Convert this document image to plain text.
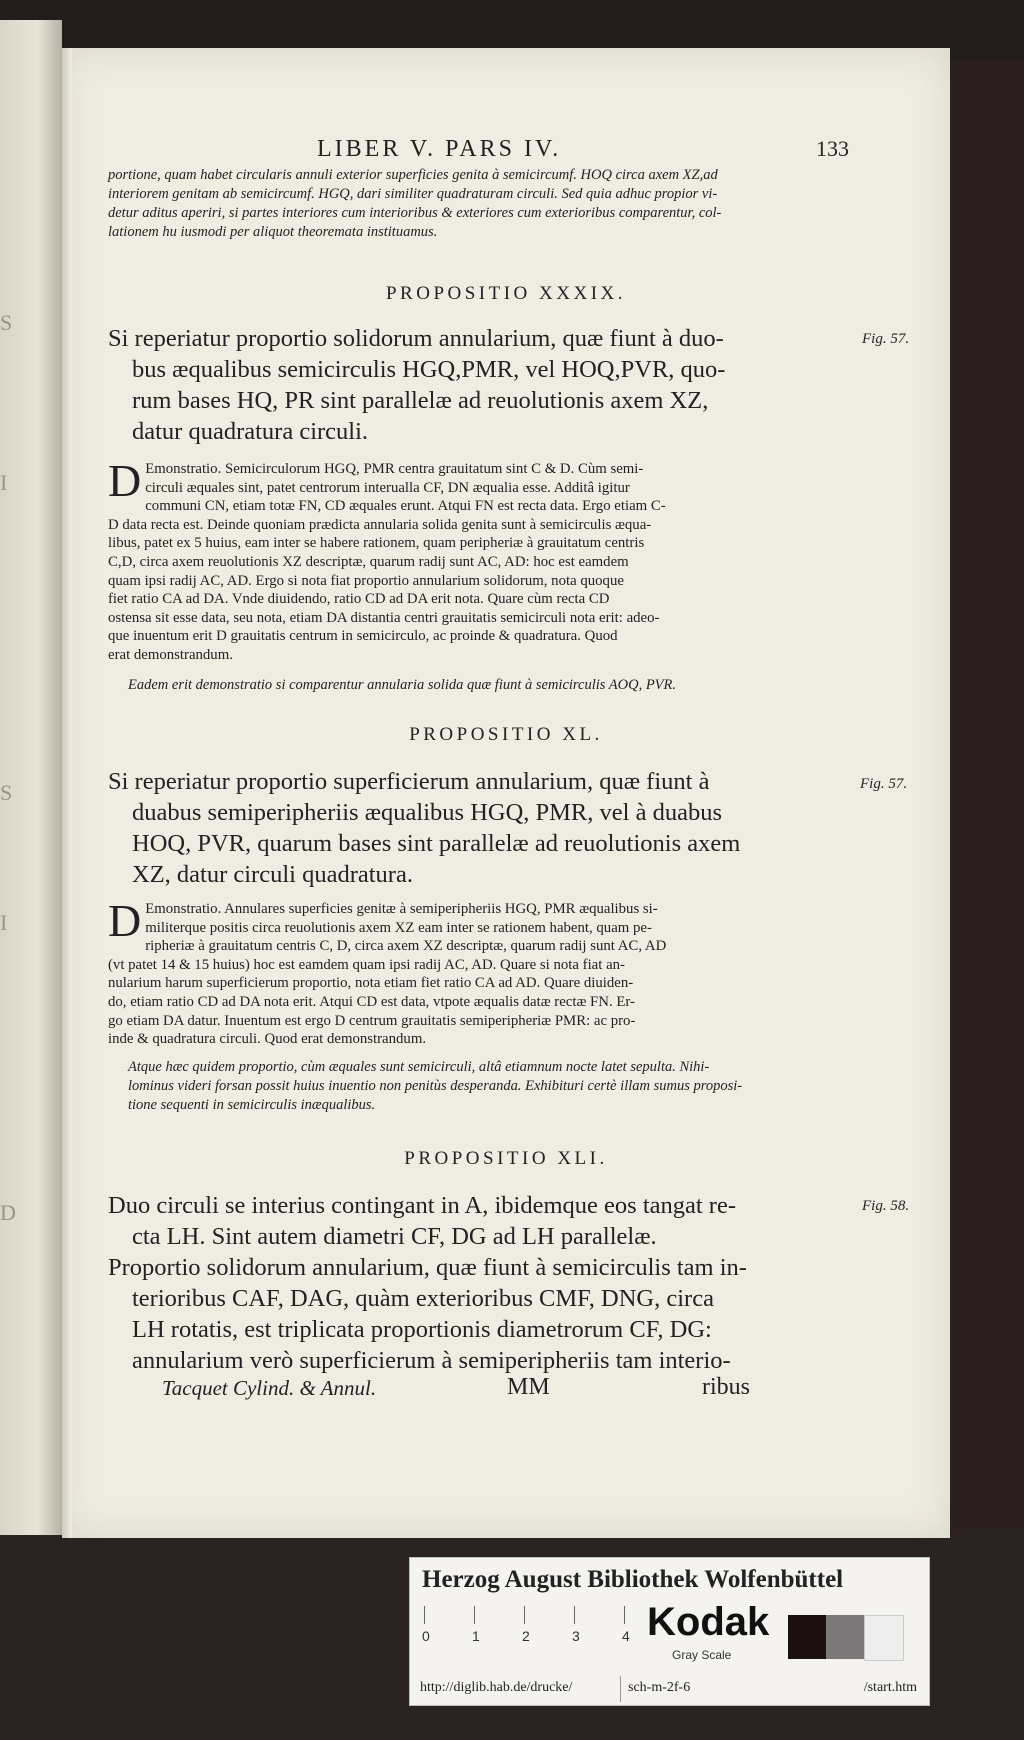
S
I
S
I
D
LIBER V. PARS IV.	133
portione, quam habet circularis annuli exterior superficies genita à semicircumf. HOQ circa axem XZ,ad
interiorem genitam ab semicircumf. HGQ, dari similiter quadraturam circuli. Sed quia adhuc propior vi-
detur aditus aperiri, si partes interiores cum interioribus & exteriores cum exterioribus comparentur, col-
lationem hu iusmodi per aliquot theoremata instituamus.
PROPOSITIO XXXIX.
Si reperiatur proportio solidorum annularium, quæ fiunt à duo-
bus æqualibus semicirculis HGQ,PMR, vel HOQ,PVR, quo-
rum bases HQ, PR sint parallelæ ad reuolutionis axem XZ,
datur quadratura circuli.
Fig. 57.
D Emonstratio. Semicirculorum HGQ, PMR centra grauitatum sint C & D. Cùm semi-
circuli æquales sint, patet centrorum interualla CF, DN æqualia esse. Additâ igitur
communi CN, etiam totæ FN, CD æquales erunt. Atqui FN est recta data. Ergo etiam C-
D data recta est. Deinde quoniam prædicta annularia solida genita sunt à semicirculis æqua-
libus, patet ex 5 huius, eam inter se habere rationem, quam peripheriæ à grauitatum centris
C,D, circa axem reuolutionis XZ descriptæ, quarum radij sunt AC, AD: hoc est eamdem
quam ipsi radij AC, AD. Ergo si nota fiat proportio annularium solidorum, nota quoque
fiet ratio CA ad DA. Vnde diuidendo, ratio CD ad DA erit nota. Quare cùm recta CD
ostensa sit esse data, seu nota, etiam DA distantia centri grauitatis semicirculi nota erit: adeo-
que inuentum erit D grauitatis centrum in semicirculo, ac proinde & quadratura. Quod
erat demonstrandum.
Eadem erit demonstratio si comparentur annularia solida quæ fiunt à semicirculis AOQ, PVR.
PROPOSITIO XL.
Si reperiatur proportio superficierum annularium, quæ fiunt à
duabus semiperipheriis æqualibus HGQ, PMR, vel à duabus
HOQ, PVR, quarum bases sint parallelæ ad reuolutionis axem
XZ, datur circuli quadratura.
Fig. 57.
D Emonstratio. Annulares superficies genitæ à semiperipheriis HGQ, PMR æqualibus si-
militerque positis circa reuolutionis axem XZ eam inter se rationem habent, quam pe-
ripheriæ à grauitatum centris C, D, circa axem XZ descriptæ, quarum radij sunt AC, AD
(vt patet 14 & 15 huius) hoc est eamdem quam ipsi radij AC, AD. Quare si nota fiat an-
nularium harum superficierum proportio, nota etiam fiet ratio CA ad AD. Quare diuiden-
do, etiam ratio CD ad DA nota erit. Atqui CD est data, vtpote æqualis datæ rectæ FN. Er-
go etiam DA datur. Inuentum est ergo D centrum grauitatis semiperipheriæ PMR: ac pro-
inde & quadratura circuli. Quod erat demonstrandum.
Atque hæc quidem proportio, cùm æquales sunt semicirculi, altâ etiamnum nocte latet sepulta. Nihi-
lominus videri forsan possit huius inuentio non penitùs desperanda. Exhibituri certè illam sumus proposi-
tione sequenti in semicirculis inæqualibus.
PROPOSITIO XLI.
Duo circuli se interius contingant in A, ibidemque eos tangat re-
cta LH. Sint autem diametri CF, DG ad LH parallelæ.
Proportio solidorum annularium, quæ fiunt à semicirculis tam in-
terioribus CAF, DAG, quàm exterioribus CMF, DNG, circa
LH rotatis, est triplicata proportionis diametrorum CF, DG:
annularium verò superficierum à semiperipheriis tam interio-
Fig. 58.
Tacquet Cylind. & Annul.	MM	ribus
Herzog August Bibliothek Wolfenbüttel
0	1	2	3	4 Kodak
Gray Scale
http://diglib.hab.de/drucke/	sch-m-2f-6	/start.htm
